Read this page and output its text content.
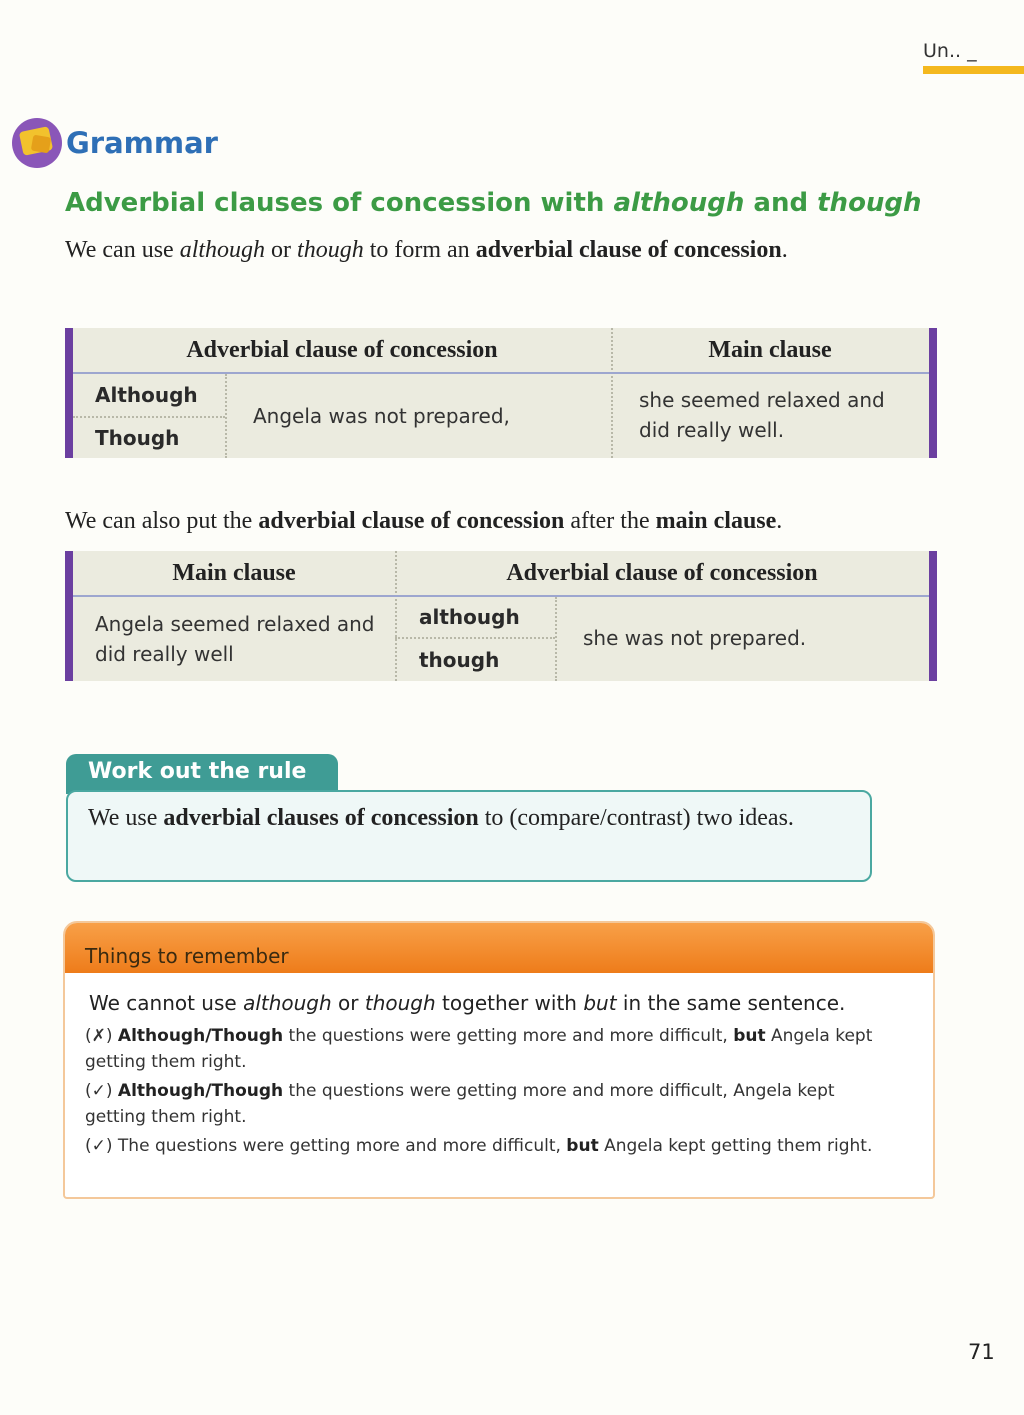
Un.. _
Grammar
Adverbial clauses of concession with although and though
We can use although or though to form an adverbial clause of concession.
Adverbial clause of concession	Main clause
Although
Though
Angela was not prepared,
she seemed relaxed and
did really well.
We can also put the adverbial clause of concession after the main clause.
Main clause	Adverbial clause of concession
Angela seemed relaxed and
did really well
although
though
she was not prepared.
Work out the rule
We use adverbial clauses of concession to (compare/contrast) two ideas.
Things to remember
We cannot use although or though together with but in the same sentence.
(✗) Although/Though the questions were getting more and more difficult, but Angela kept getting them right.
(✓) Although/Though the questions were getting more and more difficult, Angela kept getting them right.
(✓) The questions were getting more and more difficult, but Angela kept getting them right.
71
